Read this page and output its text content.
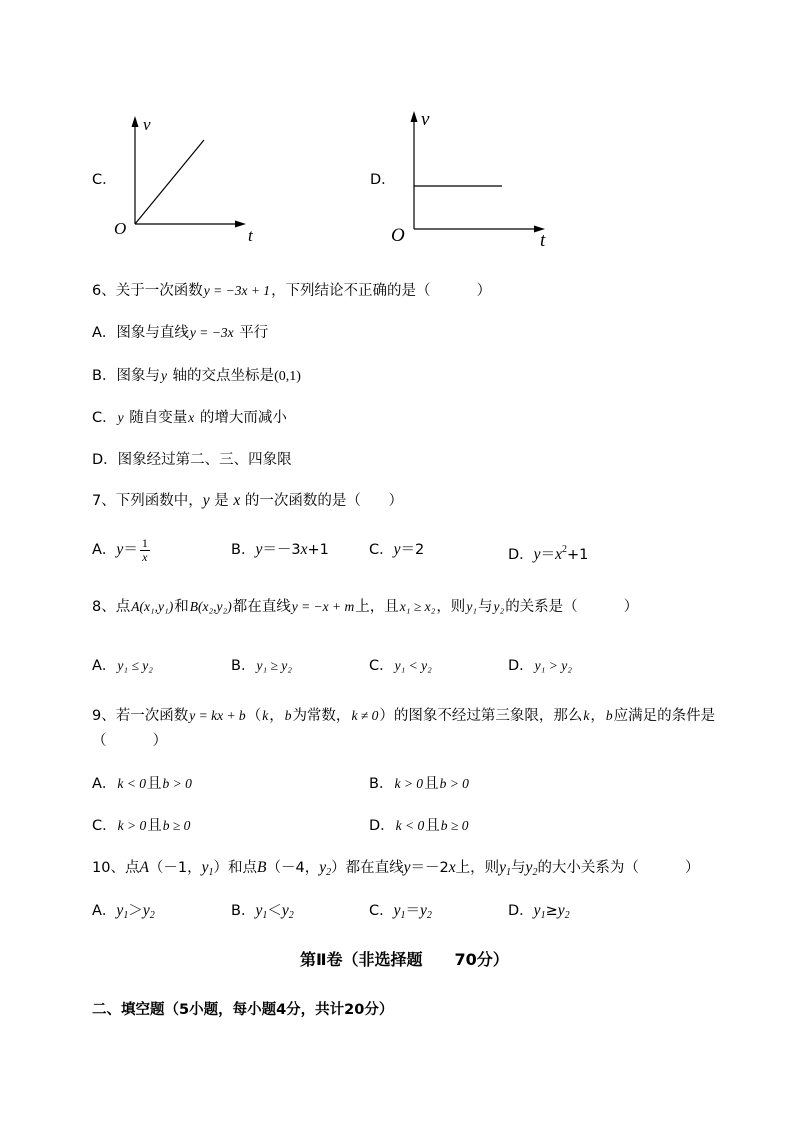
C．	D．
v
O	t
v
O	t
6、关于一次函数y = −3x + 1，下列结论不正确的是（          ）
A．图象与直线y = −3x 平行
B．图象与y 轴的交点坐标是(0,1)
C．y 随自变量x 的增大而减小
D．图象经过第二、三、四象限
7、下列函数中，y 是 x 的一次函数的是（      ）
A．$y= \frac{1}{x}$	B．y＝－3x+1	C．y＝2	D．$y=x^2+1$
8、点A(x₁,y₁)和B(x₂,y₂)都在直线y = −x + m上，且x₁ ≥ x₂，则y₁与y₂的关系是（          ）
A．y₁ ≤ y₂	B．y₁ ≥ y₂	C．y₁ < y₂	D．y₁ > y₂
9、若一次函数y = kx + b（k，b为常数，k ≠ 0）的图象不经过第三象限，那么k，b应满足的条件是
（          ）
A．k < 0且b > 0	B．k > 0且b > 0
C．k > 0且b ≥ 0	D．k < 0且b ≥ 0
10、点A（－1，$y_1$）和点B（－4，$y_2$）都在直线y＝－2x上，则$y_1$与$y_2$的大小关系为（          ）
A．$y_1>y_2$	B．$y_1<y_2$	C．$y_1=y_2$	D．$y_1\ge y_2$
第Ⅱ卷（非选择题　　70分）
二、填空题（5小题，每小题4分，共计20分）
